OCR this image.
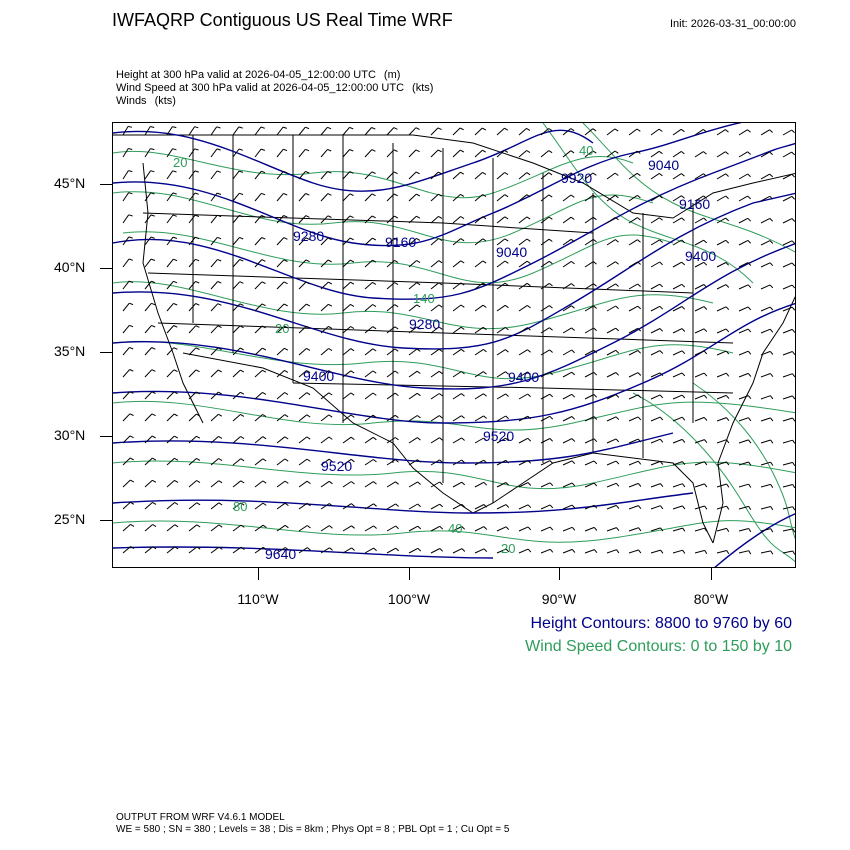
IWFAQRP Contiguous US Real Time WRF	Init: 2026-03-31_00:00:00
Height at 300 hPa valid at 2026-04-05_12:00:00 UTC (m)
Wind Speed at 300 hPa valid at 2026-04-05_12:00:00 UTC (kts)
Winds (kts)
9280	9160
9040
9280
9400	9400
9520
9520
9640
9920
9040
9160
9400
20
40
20
80
40
20
140
45°N
40°N
35°N
30°N
25°N
110°W	100°W	90°W	80°W
Height Contours: 8800 to 9760 by 60
Wind Speed Contours: 0 to 150 by 10
OUTPUT FROM WRF V4.6.1 MODEL
WE = 580 ; SN = 380 ; Levels = 38 ; Dis = 8km ; Phys Opt = 8 ; PBL Opt = 1 ; Cu Opt = 5
